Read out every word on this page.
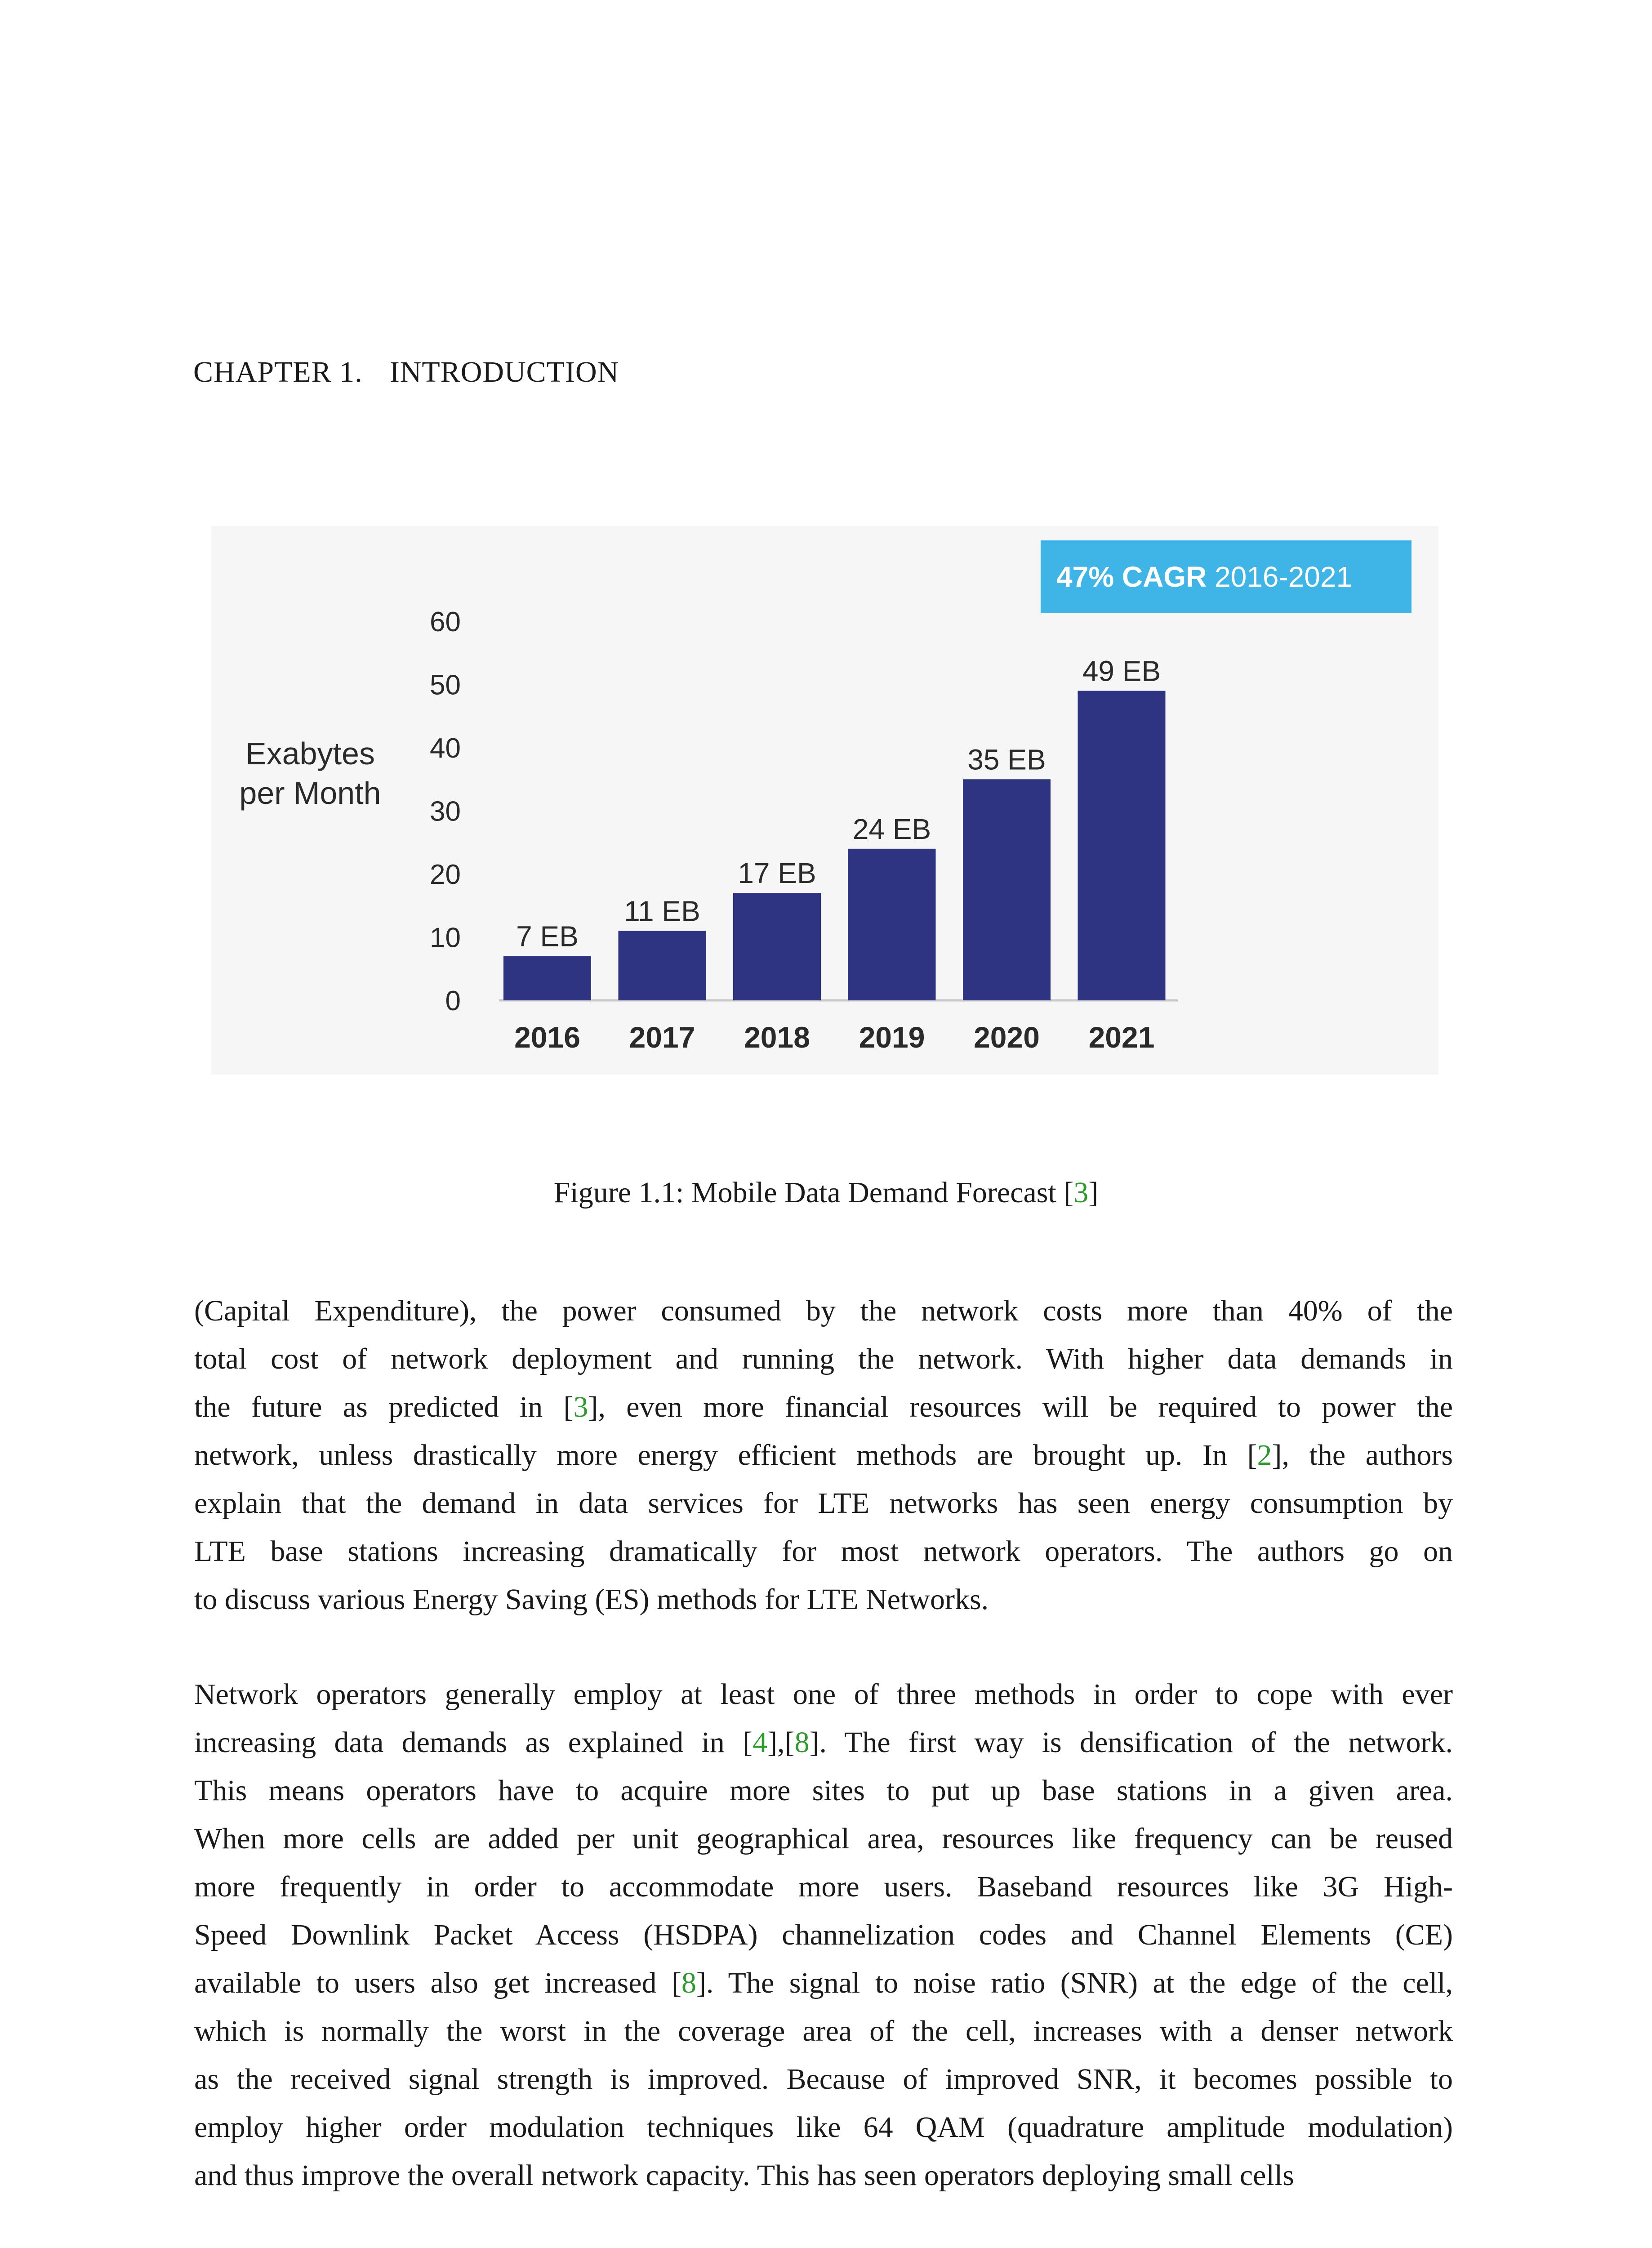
CHAPTER 1. INTRODUCTION
0
10
20
30
40
50
60
Exabytes
per Month
7 EB
2016
11 EB
2017
17 EB
2018
24 EB
2019
35 EB
2020
49 EB
2021
47% CAGR 2016-2021
Figure 1.1: Mobile Data Demand Forecast [3]
(Capital Expenditure), the power consumed by the network costs more than 40% of the
total cost of network deployment and running the network. With higher data demands in
the future as predicted in [3], even more financial resources will be required to power the
network, unless drastically more energy efficient methods are brought up. In [2], the authors
explain that the demand in data services for LTE networks has seen energy consumption by
LTE base stations increasing dramatically for most network operators. The authors go on
to discuss various Energy Saving (ES) methods for LTE Networks.
Network operators generally employ at least one of three methods in order to cope with ever
increasing data demands as explained in [4],[8]. The first way is densification of the network.
This means operators have to acquire more sites to put up base stations in a given area.
When more cells are added per unit geographical area, resources like frequency can be reused
more frequently in order to accommodate more users. Baseband resources like 3G High-
Speed Downlink Packet Access (HSDPA) channelization codes and Channel Elements (CE)
available to users also get increased [8]. The signal to noise ratio (SNR) at the edge of the cell,
which is normally the worst in the coverage area of the cell, increases with a denser network
as the received signal strength is improved. Because of improved SNR, it becomes possible to
employ higher order modulation techniques like 64 QAM (quadrature amplitude modulation)
and thus improve the overall network capacity. This has seen operators deploying small cells
